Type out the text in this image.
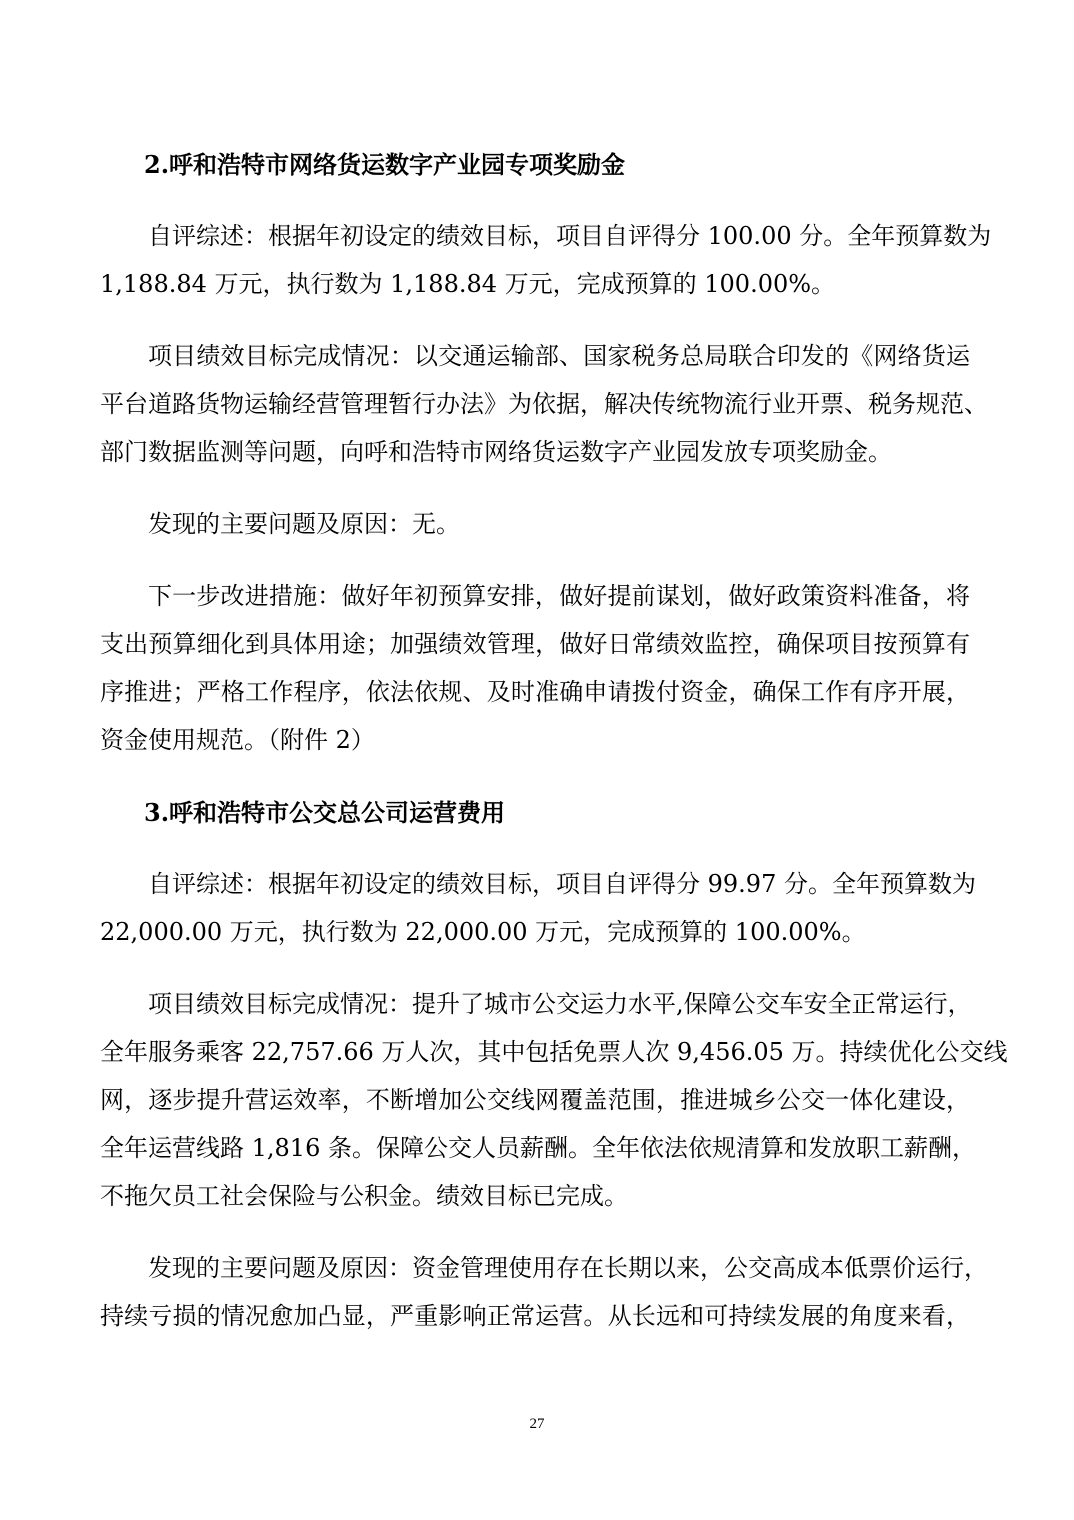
2.呼和浩特市网络货运数字产业园专项奖励金
自评综述：根据年初设定的绩效目标，项目自评得分 100.00 分。全年预算数为
1,188.84 万元，执行数为 1,188.84 万元，完成预算的 100.00%。
项目绩效目标完成情况：以交通运输部、国家税务总局联合印发的《网络货运
平台道路货物运输经营管理暂行办法》为依据，解决传统物流行业开票、税务规范、
部门数据监测等问题，向呼和浩特市网络货运数字产业园发放专项奖励金。
发现的主要问题及原因：无。
下一步改进措施：做好年初预算安排，做好提前谋划，做好政策资料准备，将
支出预算细化到具体用途；加强绩效管理，做好日常绩效监控，确保项目按预算有
序推进；严格工作程序，依法依规、及时准确申请拨付资金，确保工作有序开展，
资金使用规范。（附件 2）
3.呼和浩特市公交总公司运营费用
自评综述：根据年初设定的绩效目标，项目自评得分 99.97 分。全年预算数为
22,000.00 万元，执行数为 22,000.00 万元，完成预算的 100.00%。
项目绩效目标完成情况：提升了城市公交运力水平,保障公交车安全正常运行，
全年服务乘客 22,757.66 万人次，其中包括免票人次 9,456.05 万。持续优化公交线
网，逐步提升营运效率，不断增加公交线网覆盖范围，推进城乡公交一体化建设，
全年运营线路 1,816 条。保障公交人员薪酬。全年依法依规清算和发放职工薪酬，
不拖欠员工社会保险与公积金。绩效目标已完成。
发现的主要问题及原因：资金管理使用存在长期以来，公交高成本低票价运行，
持续亏损的情况愈加凸显，严重影响正常运营。从长远和可持续发展的角度来看，
27
